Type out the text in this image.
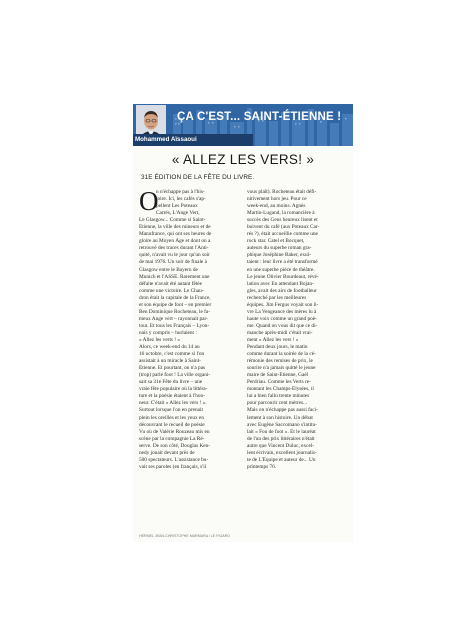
ÇA C'EST... SAINT-ÉTIENNE !
Mohammed Aïssaoui
« ALLEZ LES VERS! »
31E ÉDITION DE LA FÊTE DU LIVRE.
O
n n'échappe pas à l'his-
toire. Ici, les cafés s'ap-
pellent Les Poteaux
Carrés, L'Ange Vert,
Le Glasgow... Comme si Saint-
Étienne, la ville des mineurs et de
Manufrance, qui ont ses heures de
gloire au Moyen Âge et dont on a
retrouvé des traces durant l'Anti-
quité, n'avait vu le jour qu'un soir
de mai 1976. Un soir de finale à
Glasgow entre le Bayern de
Munich et l'ASSE. Rarement une
défaite n'avait été autant fêtée
comme une victoire. Le Chau-
dron était la capitale de la France,
et son équipe de foot – en premier
Ben Dominique Rocheteau, le fa-
meux Ange vert – rayonnait par-
tout. Et tous les Français – Lyon-
nais y compris – hurlaient :
« Allez les verts ! »
Alors, ce week-end du 14 au
16 octobre, c'est comme si l'on
assistait à un miracle à Saint-
Étienne. Et pourtant, on n'a pas
(trop) parlé foot ! La ville organi-
sait sa 31e Fête du livre – une
vraie fête populaire où la littéra-
ture et la poésie étaient à l'hon-
neur. C'était « Allez les vers ! ».
Surtout lorsque l'on en prenait
plein les oreilles et les yeux en
découvrant le recueil de poésie
Vu où de Valérie Rouzeau mis en
scène par la compagnie La Ré-
serve. De son côté, Douglas Ken-
nedy jouait devant près de
500 spectateurs. L'assistance bu-
vait ses paroles (en français, s'il
vous plaît). Rocheteau était défi-
nitivement hors jeu. Pour ce
week-end, au moins. Agnès
Martin-Lugand, la romancière à
succès des Gens heureux lisent et
boivent du café (aux Poteaux Car-
rés ?), était accueillie comme une
rock star. Catel et Bocquet,
auteurs du superbe roman gra-
phique Joséphine Baker, exul-
taient : leur livre a été transformé
en une superbe pièce de théâtre.
Le jeune Olivier Bourdeaut, révé-
lation avec En attendant Bojan-
gles, avait des airs de footballeur
recherché par les meilleures
équipes. Jim Fergus voyait son li-
vre La Vengeance des mères lu à
haute voix comme un grand poè-
me. Quand on vous dit que ce di-
manche après-midi c'était vrai-
ment « Allez les vers ! »
Pendant deux jours, le matin
comme durant la soirée de la cé-
rémonie des remises de prix, le
sourire n'a jamais quitté le jeune
maire de Saint-Étienne, Gaël
Perdriau. Comme les Verts re-
montant les Champs-Élysées, il
lui a bien fallu trente minutes
pour parcourir cent mètres...
Mais on n'échappe pas aussi faci-
lement à son histoire. Un débat
avec Eugène Saccomano s'intitu-
lait « Fou de foot ». Et le lauréat
de l'un des prix littéraires n'était
autre que Vincent Duluc, excel-
lent écrivain, excellent journalis-
te de L'Équipe et auteur de... Un
printemps 76.
HERMEL JEAN-CHRISTOPHE MARMARA / LE FIGARO
